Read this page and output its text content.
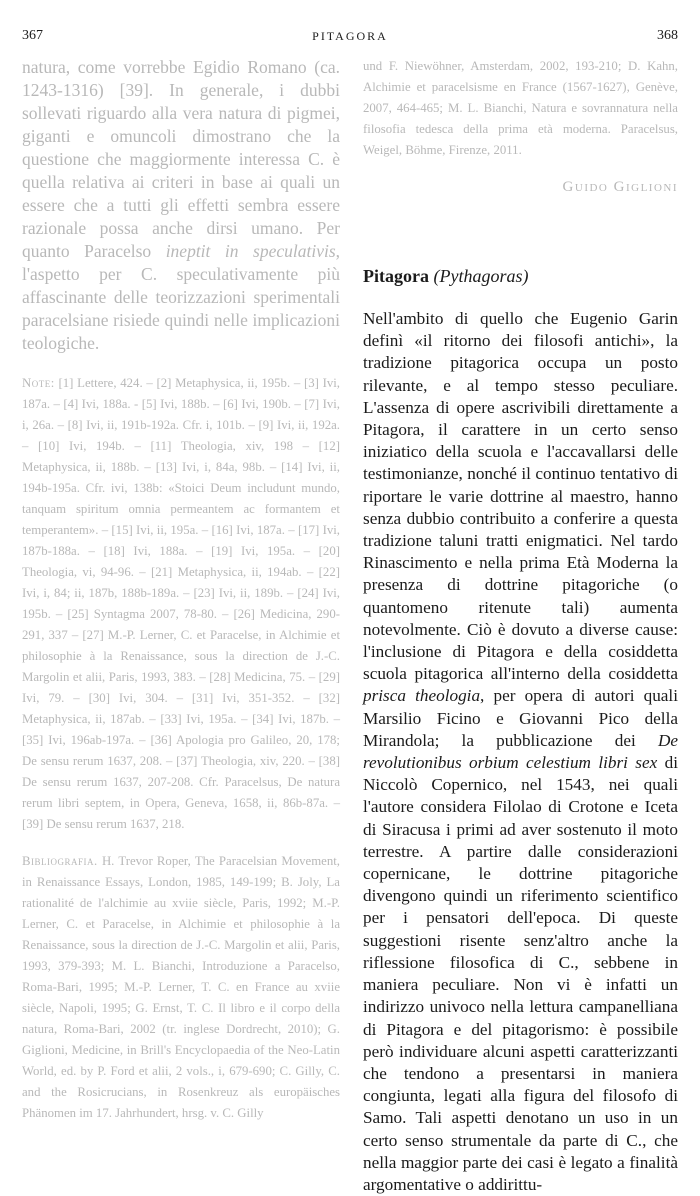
367	PITAGORA	368

natura, come vorrebbe Egidio Romano (ca. 1243-1316) [39]. In generale, i dubbi sollevati riguardo alla vera natura di pigmei, giganti e omuncoli dimostrano che la questione che maggiormente interessa C. è quella relativa ai criteri in base ai quali un essere che a tutti gli effetti sembra essere razionale possa anche dirsi umano. Per quanto Paracelso ineptit in speculativis, l'aspetto per C. speculativamente più affascinante delle teorizzazioni sperimentali paracelsiane risiede quindi nelle implicazioni teologiche.

Note: [1] Lettere, 424. – [2] Metaphysica, ii, 195b. – [3] Ivi, 187a. – [4] Ivi, 188a. - [5] Ivi, 188b. – [6] Ivi, 190b. – [7] Ivi, i, 26a. – [8] Ivi, ii, 191b-192a. Cfr. i, 101b. – [9] Ivi, ii, 192a. – [10] Ivi, 194b. – [11] Theologia, xiv, 198 – [12] Metaphysica, ii, 188b. – [13] Ivi, i, 84a, 98b. – [14] Ivi, ii, 194b-195a. Cfr. ivi, 138b: «Stoici Deum includunt mundo, tanquam spiritum omnia permeantem ac formantem et temperantem». – [15] Ivi, ii, 195a. – [16] Ivi, 187a. – [17] Ivi, 187b-188a. – [18] Ivi, 188a. – [19] Ivi, 195a. – [20] Theologia, vi, 94-96. – [21] Metaphysica, ii, 194ab. – [22] Ivi, i, 84; ii, 187b, 188b-189a. – [23] Ivi, ii, 189b. – [24] Ivi, 195b. – [25] Syntagma 2007, 78-80. – [26] Medicina, 290-291, 337 – [27] M.-P. Lerner, C. et Paracelse, in Alchimie et philosophie à la Renaissance, sous la direction de J.-C. Margolin et alii, Paris, 1993, 383. – [28] Medicina, 75. – [29] Ivi, 79. – [30] Ivi, 304. – [31] Ivi, 351-352. – [32] Metaphysica, ii, 187ab. – [33] Ivi, 195a. – [34] Ivi, 187b. – [35] Ivi, 196ab-197a. – [36] Apologia pro Galileo, 20, 178; De sensu rerum 1637, 208. – [37] Theologia, xiv, 220. – [38] De sensu rerum 1637, 207-208. Cfr. Paracelsus, De natura rerum libri septem, in Opera, Geneva, 1658, ii, 86b-87a. – [39] De sensu rerum 1637, 218.

Bibliografia. H. Trevor Roper, The Paracelsian Movement, in Renaissance Essays, London, 1985, 149-199; B. Joly, La rationalité de l'alchimie au xviie siècle, Paris, 1992; M.-P. Lerner, C. et Paracelse, in Alchimie et philosophie à la Renaissance, sous la direction de J.-C. Margolin et alii, Paris, 1993, 379-393; M. L. Bianchi, Introduzione a Paracelso, Roma-Bari, 1995; M.-P. Lerner, T. C. en France au xviie siècle, Napoli, 1995; G. Ernst, T. C. Il libro e il corpo della natura, Roma-Bari, 2002 (tr. inglese Dordrecht, 2010); G. Giglioni, Medicine, in Brill's Encyclopaedia of the Neo-Latin World, ed. by P. Ford et alii, 2 vols., i, 679-690; C. Gilly, C. and the Rosicrucians, in Rosenkreuz als europäisches Phänomen im 17. Jahrhundert, hrsg. v. C. Gilly

und F. Niewöhner, Amsterdam, 2002, 193-210; D. Kahn, Alchimie et paracelsisme en France (1567-1627), Genève, 2007, 464-465; M. L. Bianchi, Natura e sovrannatura nella filosofia tedesca della prima età moderna. Paracelsus, Weigel, Böhme, Firenze, 2011.

Guido Giglioni

Pitagora (Pythagoras)

Nell'ambito di quello che Eugenio Garin definì «il ritorno dei filosofi antichi», la tradizione pitagorica occupa un posto rilevante, e al tempo stesso peculiare. L'assenza di opere ascrivibili direttamente a Pitagora, il carattere in un certo senso iniziatico della scuola e l'accavallarsi delle testimonianze, nonché il continuo tentativo di riportare le varie dottrine al maestro, hanno senza dubbio contribuito a conferire a questa tradizione taluni tratti enigmatici. Nel tardo Rinascimento e nella prima Età Moderna la presenza di dottrine pitagoriche (o quantomeno ritenute tali) aumenta notevolmente. Ciò è dovuto a diverse cause: l'inclusione di Pitagora e della cosiddetta scuola pitagorica all'interno della cosiddetta prisca theologia, per opera di autori quali Marsilio Ficino e Giovanni Pico della Mirandola; la pubblicazione dei De revolutionibus orbium celestium libri sex di Niccolò Copernico, nel 1543, nei quali l'autore considera Filolao di Crotone e Iceta di Siracusa i primi ad aver sostenuto il moto terrestre. A partire dalle considerazioni copernicane, le dottrine pitagoriche divengono quindi un riferimento scientifico per i pensatori dell'epoca. Di queste suggestioni risente senz'altro anche la riflessione filosofica di C., sebbene in maniera peculiare. Non vi è infatti un indirizzo univoco nella lettura campanelliana di Pitagora e del pitagorismo: è possibile però individuare alcuni aspetti caratterizzanti che tendono a presentarsi in maniera congiunta, legati alla figura del filosofo di Samo. Tali aspetti denotano un uso in un certo senso strumentale da parte di C., che nella maggior parte dei casi è legato a finalità argomentative o addirittu-
